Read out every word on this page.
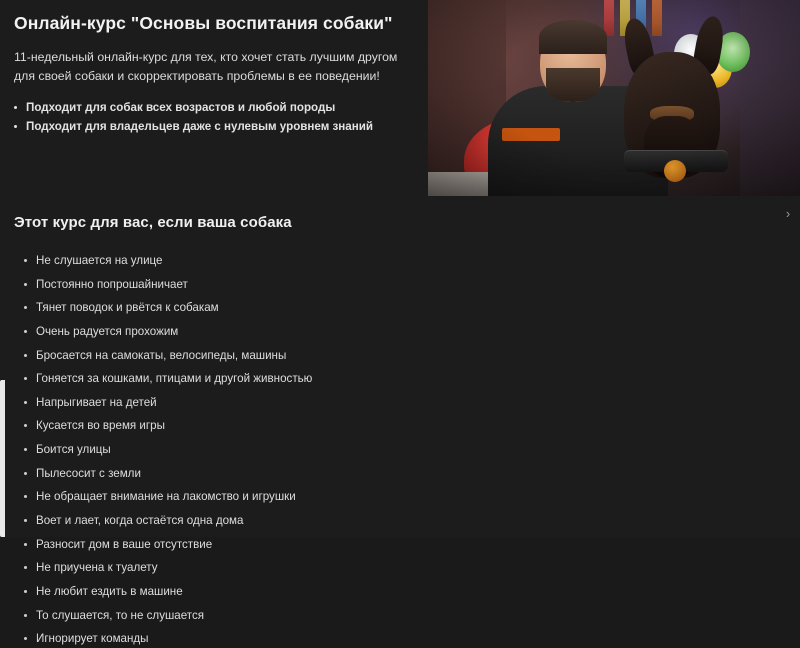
Онлайн-курс "Основы воспитания собаки"

11-недельный онлайн-курс для тех, кто хочет стать лучшим другом для своей собаки и скорректировать проблемы в ее поведении!

Подходит для собак всех возрастов и любой породы
Подходит для владельцев даже с нулевым уровнем знаний
Этот курс для вас, если ваша собака
Не слушается на улице
Постоянно попрошайничает
Тянет поводок и рвётся к собакам
Очень радуется прохожим
Бросается на самокаты, велосипеды, машины
Гоняется за кошками, птицами и другой живностью
Напрыгивает на детей
Кусается во время игры
Боится улицы
Пылесосит с земли
Не обращает внимание на лакомство и игрушки
Воет и лает, когда остаётся одна дома
Разносит дом в ваше отсутствие
Не приучена к туалету
Не любит ездить в машине
То слушается, то не слушается
Игнорирует команды
›
